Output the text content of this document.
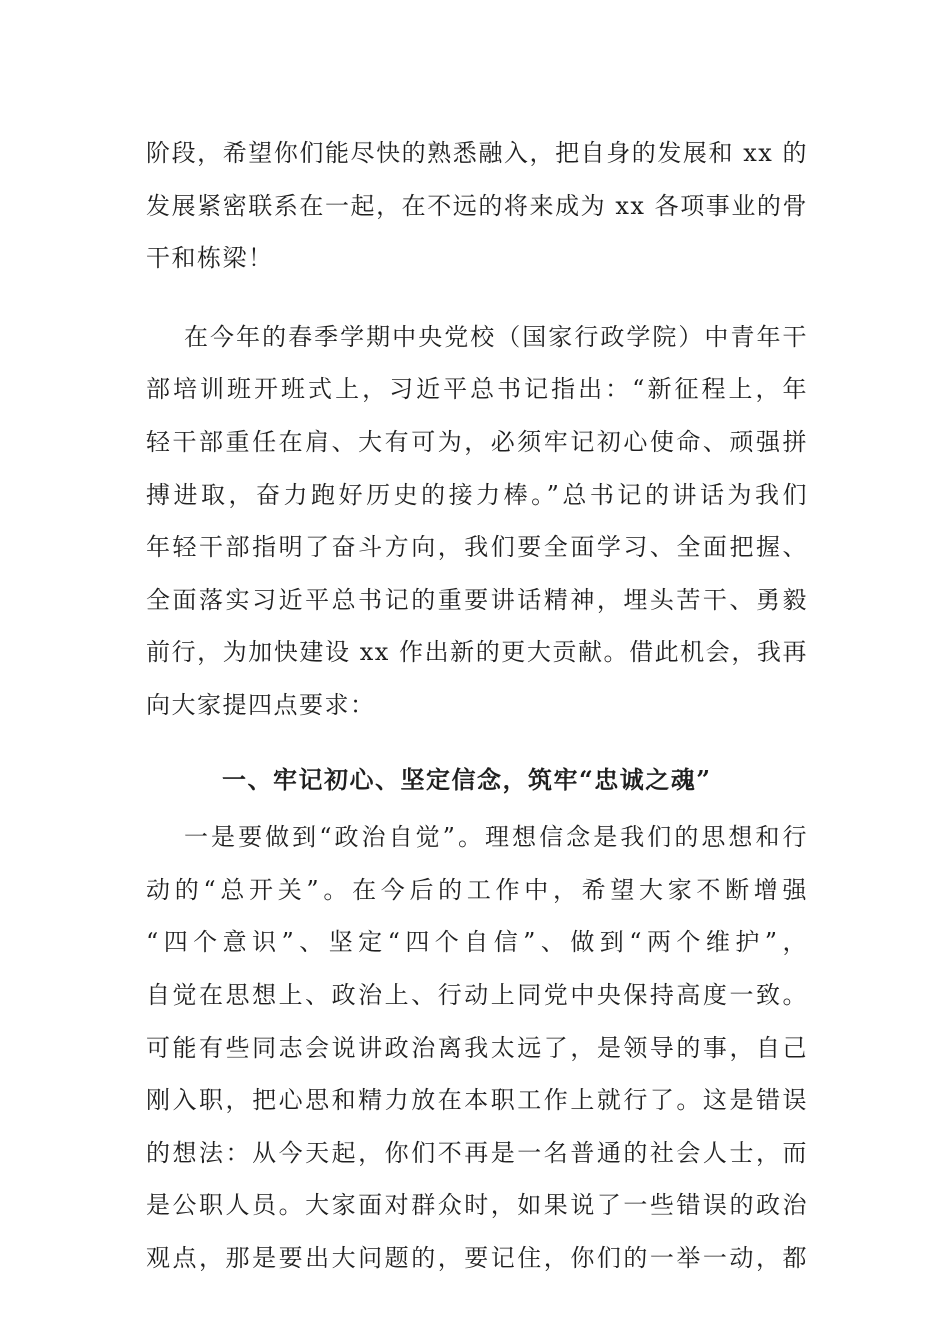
阶段，希望你们能尽快的熟悉融入，把自身的发展和 xx 的
发展紧密联系在一起，在不远的将来成为 xx 各项事业的骨
干和栋梁！
在今年的春季学期中央党校（国家行政学院）中青年干
部培训班开班式上，习近平总书记指出：“新征程上，年
轻干部重任在肩、大有可为，必须牢记初心使命、顽强拼
搏进取，奋力跑好历史的接力棒。”总书记的讲话为我们
年轻干部指明了奋斗方向，我们要全面学习、全面把握、
全面落实习近平总书记的重要讲话精神，埋头苦干、勇毅
前行，为加快建设 xx 作出新的更大贡献。借此机会，我再
向大家提四点要求：
一、牢记初心、坚定信念，筑牢“忠诚之魂”
一是要做到“政治自觉”。理想信念是我们的思想和行
动的“总开关”。在今后的工作中，希望大家不断增强
“四个意识”、坚定“四个自信”、做到“两个维护”，
自觉在思想上、政治上、行动上同党中央保持高度一致。
可能有些同志会说讲政治离我太远了，是领导的事，自己
刚入职，把心思和精力放在本职工作上就行了。这是错误
的想法：从今天起，你们不再是一名普通的社会人士，而
是公职人员。大家面对群众时，如果说了一些错误的政治
观点，那是要出大问题的，要记住，你们的一举一动，都
